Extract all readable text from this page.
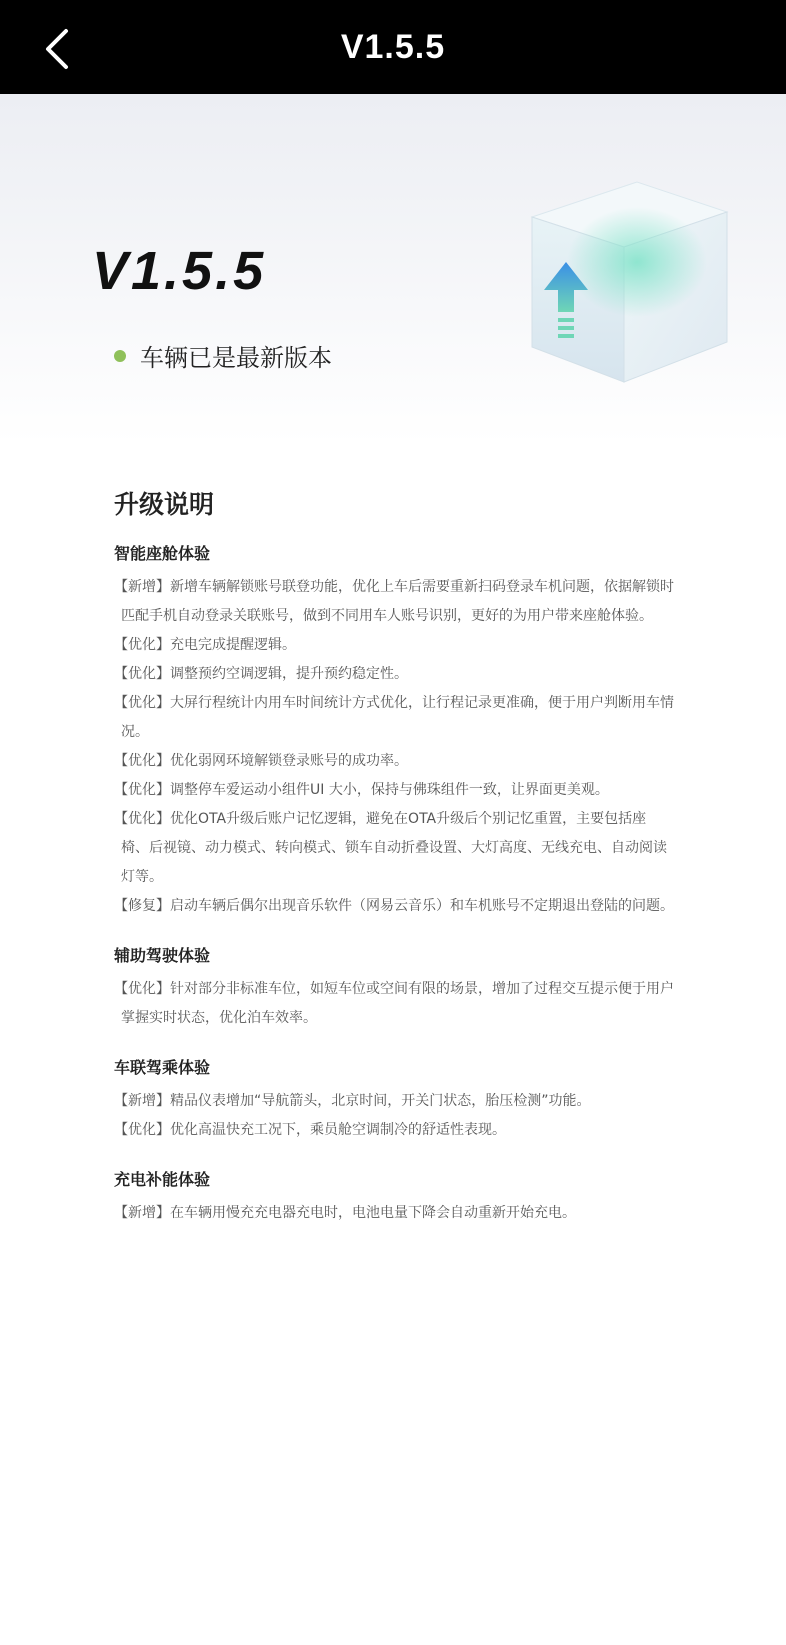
V1.5.5
V1.5.5
车辆已是最新版本
升级说明
智能座舱体验

【新增】新增车辆解锁账号联登功能，优化上车后需要重新扫码登录车机问题，依据解锁时匹配手机自动登录关联账号，做到不同用车人账号识别，更好的为用户带来座舱体验。

【优化】充电完成提醒逻辑。

【优化】调整预约空调逻辑，提升预约稳定性。

【优化】大屏行程统计内用车时间统计方式优化，让行程记录更准确，便于用户判断用车情况。

【优化】优化弱网环境解锁登录账号的成功率。

【优化】调整停车爱运动小组件UI 大小，保持与佛珠组件一致，让界面更美观。

【优化】优化OTA升级后账户记忆逻辑，避免在OTA升级后个别记忆重置，主要包括座椅、后视镜、动力模式、转向模式、锁车自动折叠设置、大灯高度、无线充电、自动阅读灯等。

【修复】启动车辆后偶尔出现音乐软件（网易云音乐）和车机账号不定期退出登陆的问题。

辅助驾驶体验

【优化】针对部分非标准车位，如短车位或空间有限的场景，增加了过程交互提示便于用户掌握实时状态，优化泊车效率。

车联驾乘体验

【新增】精品仪表增加“导航箭头，北京时间，开关门状态，胎压检测”功能。

【优化】优化高温快充工况下，乘员舱空调制冷的舒适性表现。

充电补能体验

【新增】在车辆用慢充充电器充电时，电池电量下降会自动重新开始充电。
